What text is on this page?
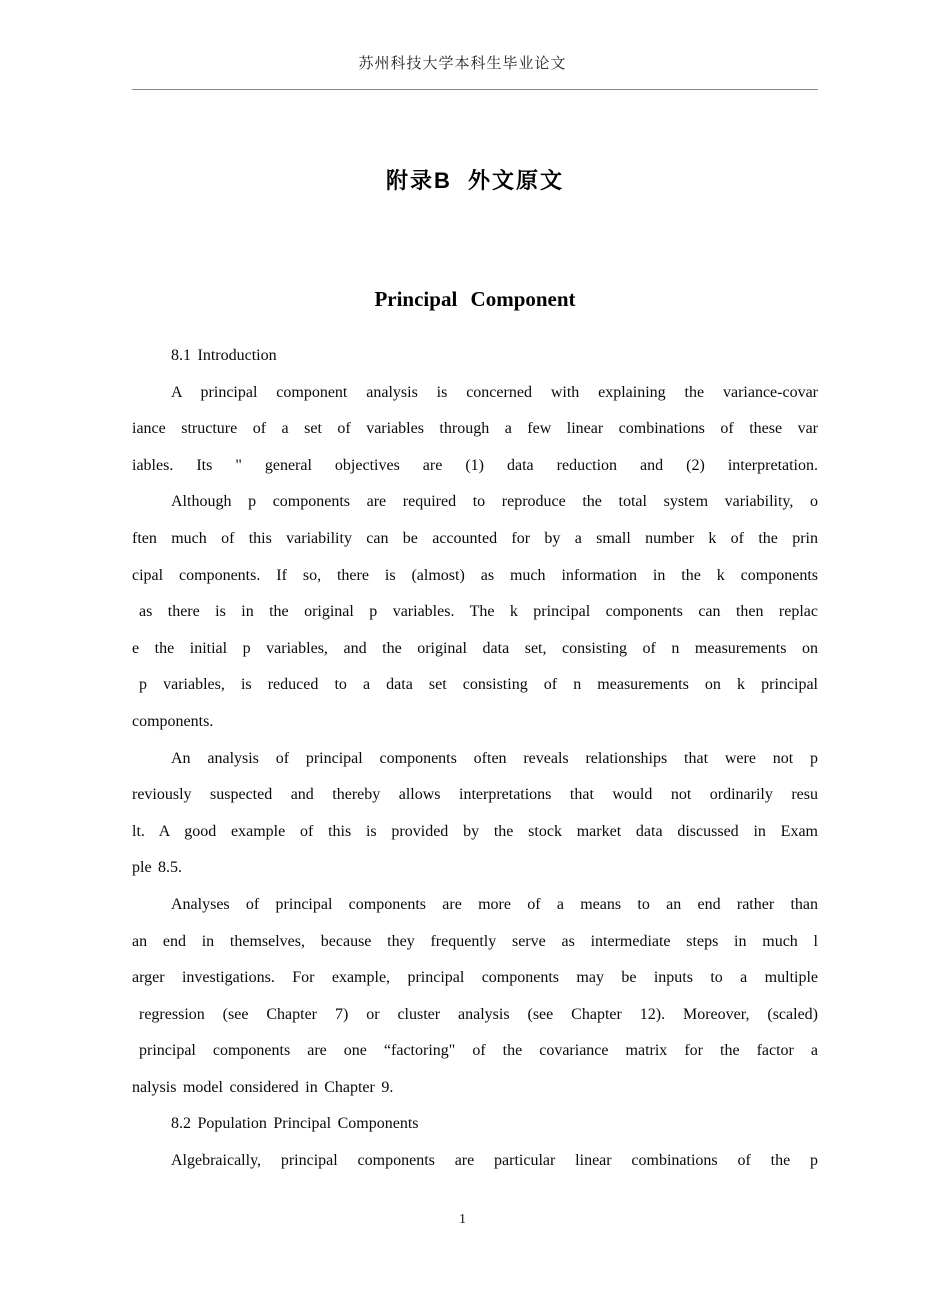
苏州科技大学本科生毕业论文
附录B  外文原文
Principal Component
8.1 Introduction
A principal component analysis is concerned with explaining the variance-covar
iance structure of a set of variables through a few linear combinations of these var
iables. Its " general objectives are (1) data reduction and (2) interpretation.
Although p components are required to reproduce the total system variability, o
ften much of this variability can be accounted for by a small number k of the prin
cipal components. If so, there is (almost) as much information in the k components
as there is in the original p variables. The k principal components can then replac
e the initial p variables, and the original data set, consisting of n measurements on
p variables, is reduced to a data set consisting of n measurements on k principal
components.
An analysis of principal components often reveals relationships that were not p
reviously suspected and thereby allows interpretations that would not ordinarily resu
lt. A good example of this is provided by the stock market data discussed in Exam
ple 8.5.
Analyses of principal components are more of a means to an end rather than
an end in themselves, because they frequently serve as intermediate steps in much l
arger investigations. For example, principal components may be inputs to a multiple
regression (see Chapter 7) or cluster analysis (see Chapter 12). Moreover, (scaled)
principal components are one “factoring" of the covariance matrix for the factor a
nalysis model considered in Chapter 9.
8.2 Population Principal Components
Algebraically, principal components are particular linear combinations of the p
1
